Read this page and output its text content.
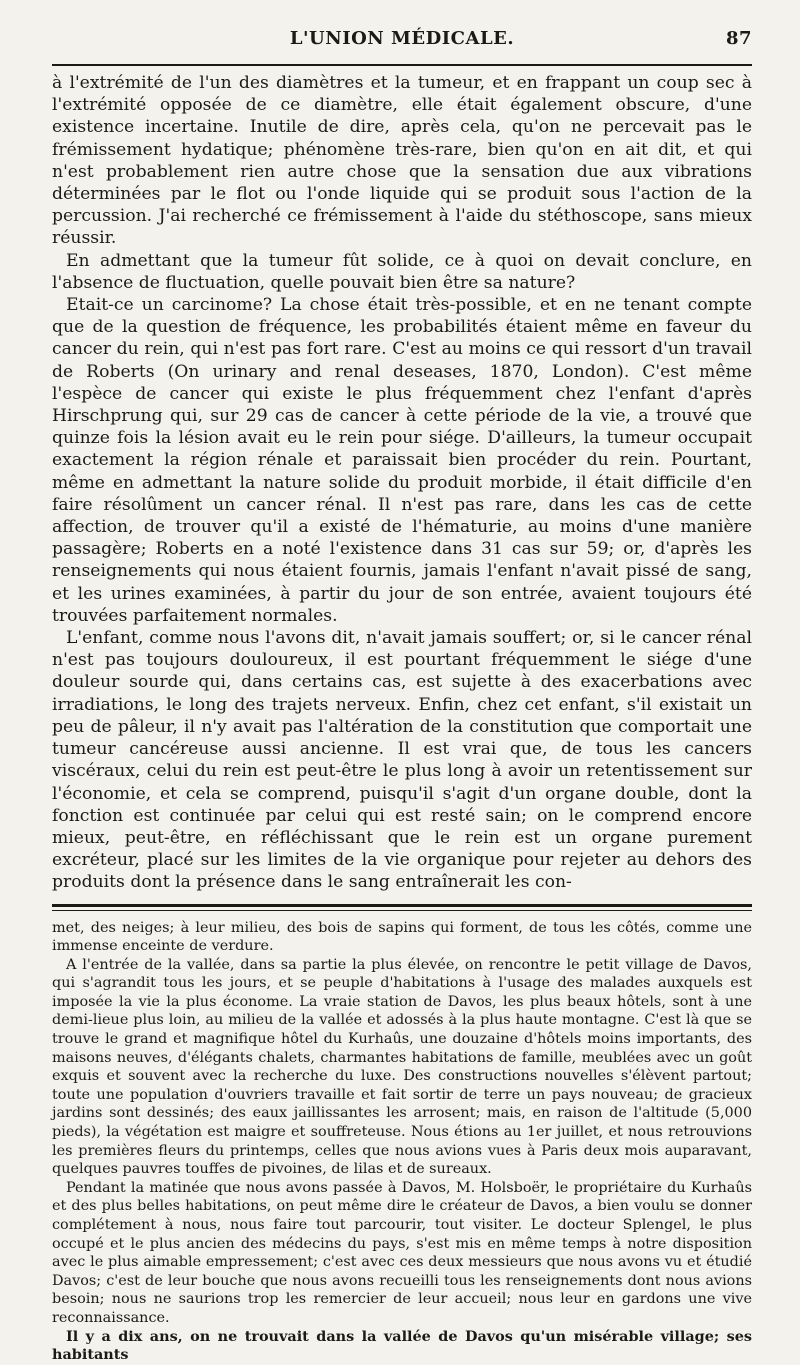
L'UNION MÉDICALE.	87

à l'extrémité de l'un des diamètres et la tumeur, et en frappant un coup sec à l'extrémité opposée de ce diamètre, elle était également obscure, d'une existence incertaine. Inutile de dire, après cela, qu'on ne percevait pas le frémissement hydatique; phénomène très-rare, bien qu'on en ait dit, et qui n'est probablement rien autre chose que la sensation due aux vibrations déterminées par le flot ou l'onde liquide qui se produit sous l'action de la percussion. J'ai recherché ce frémissement à l'aide du stéthoscope, sans mieux réussir.

En admettant que la tumeur fût solide, ce à quoi on devait conclure, en l'absence de fluctuation, quelle pouvait bien être sa nature?

Etait-ce un carcinome? La chose était très-possible, et en ne tenant compte que de la question de fréquence, les probabilités étaient même en faveur du cancer du rein, qui n'est pas fort rare. C'est au moins ce qui ressort d'un travail de Roberts (On urinary and renal deseases, 1870, London). C'est même l'espèce de cancer qui existe le plus fréquemment chez l'enfant d'après Hirschprung qui, sur 29 cas de cancer à cette période de la vie, a trouvé que quinze fois la lésion avait eu le rein pour siége. D'ailleurs, la tumeur occupait exactement la région rénale et paraissait bien procéder du rein. Pourtant, même en admettant la nature solide du produit morbide, il était difficile d'en faire résolûment un cancer rénal. Il n'est pas rare, dans les cas de cette affection, de trouver qu'il a existé de l'hématurie, au moins d'une manière passagère; Roberts en a noté l'existence dans 31 cas sur 59; or, d'après les renseignements qui nous étaient fournis, jamais l'enfant n'avait pissé de sang, et les urines examinées, à partir du jour de son entrée, avaient toujours été trouvées parfaitement normales.

L'enfant, comme nous l'avons dit, n'avait jamais souffert; or, si le cancer rénal n'est pas toujours douloureux, il est pourtant fréquemment le siége d'une douleur sourde qui, dans certains cas, est sujette à des exacerbations avec irradiations, le long des trajets nerveux. Enfin, chez cet enfant, s'il existait un peu de pâleur, il n'y avait pas l'altération de la constitution que comportait une tumeur cancéreuse aussi ancienne. Il est vrai que, de tous les cancers viscéraux, celui du rein est peut-être le plus long à avoir un retentissement sur l'économie, et cela se comprend, puisqu'il s'agit d'un organe double, dont la fonction est continuée par celui qui est resté sain; on le comprend encore mieux, peut-être, en réfléchissant que le rein est un organe purement excréteur, placé sur les limites de la vie organique pour rejeter au dehors des produits dont la présence dans le sang entraînerait les con-

met, des neiges; à leur milieu, des bois de sapins qui forment, de tous les côtés, comme une immense enceinte de verdure.

A l'entrée de la vallée, dans sa partie la plus élevée, on rencontre le petit village de Davos, qui s'agrandit tous les jours, et se peuple d'habitations à l'usage des malades auxquels est imposée la vie la plus économe. La vraie station de Davos, les plus beaux hôtels, sont à une demi-lieue plus loin, au milieu de la vallée et adossés à la plus haute montagne. C'est là que se trouve le grand et magnifique hôtel du Kurhaûs, une douzaine d'hôtels moins importants, des maisons neuves, d'élégants chalets, charmantes habitations de famille, meublées avec un goût exquis et souvent avec la recherche du luxe. Des constructions nouvelles s'élèvent partout; toute une population d'ouvriers travaille et fait sortir de terre un pays nouveau; de gracieux jardins sont dessinés; des eaux jaillissantes les arrosent; mais, en raison de l'altitude (5,000 pieds), la végétation est maigre et souffreteuse. Nous étions au 1er juillet, et nous retrouvions les premières fleurs du printemps, celles que nous avions vues à Paris deux mois auparavant, quelques pauvres touffes de pivoines, de lilas et de sureaux.

Pendant la matinée que nous avons passée à Davos, M. Holsboër, le propriétaire du Kurhaûs et des plus belles habitations, on peut même dire le créateur de Davos, a bien voulu se donner complétement à nous, nous faire tout parcourir, tout visiter. Le docteur Splengel, le plus occupé et le plus ancien des médecins du pays, s'est mis en même temps à notre disposition avec le plus aimable empressement; c'est avec ces deux messieurs que nous avons vu et étudié Davos; c'est de leur bouche que nous avons recueilli tous les renseignements dont nous avions besoin; nous ne saurions trop les remercier de leur accueil; nous leur en gardons une vive reconnaissance.

Il y a dix ans, on ne trouvait dans la vallée de Davos qu'un misérable village; ses habitants
